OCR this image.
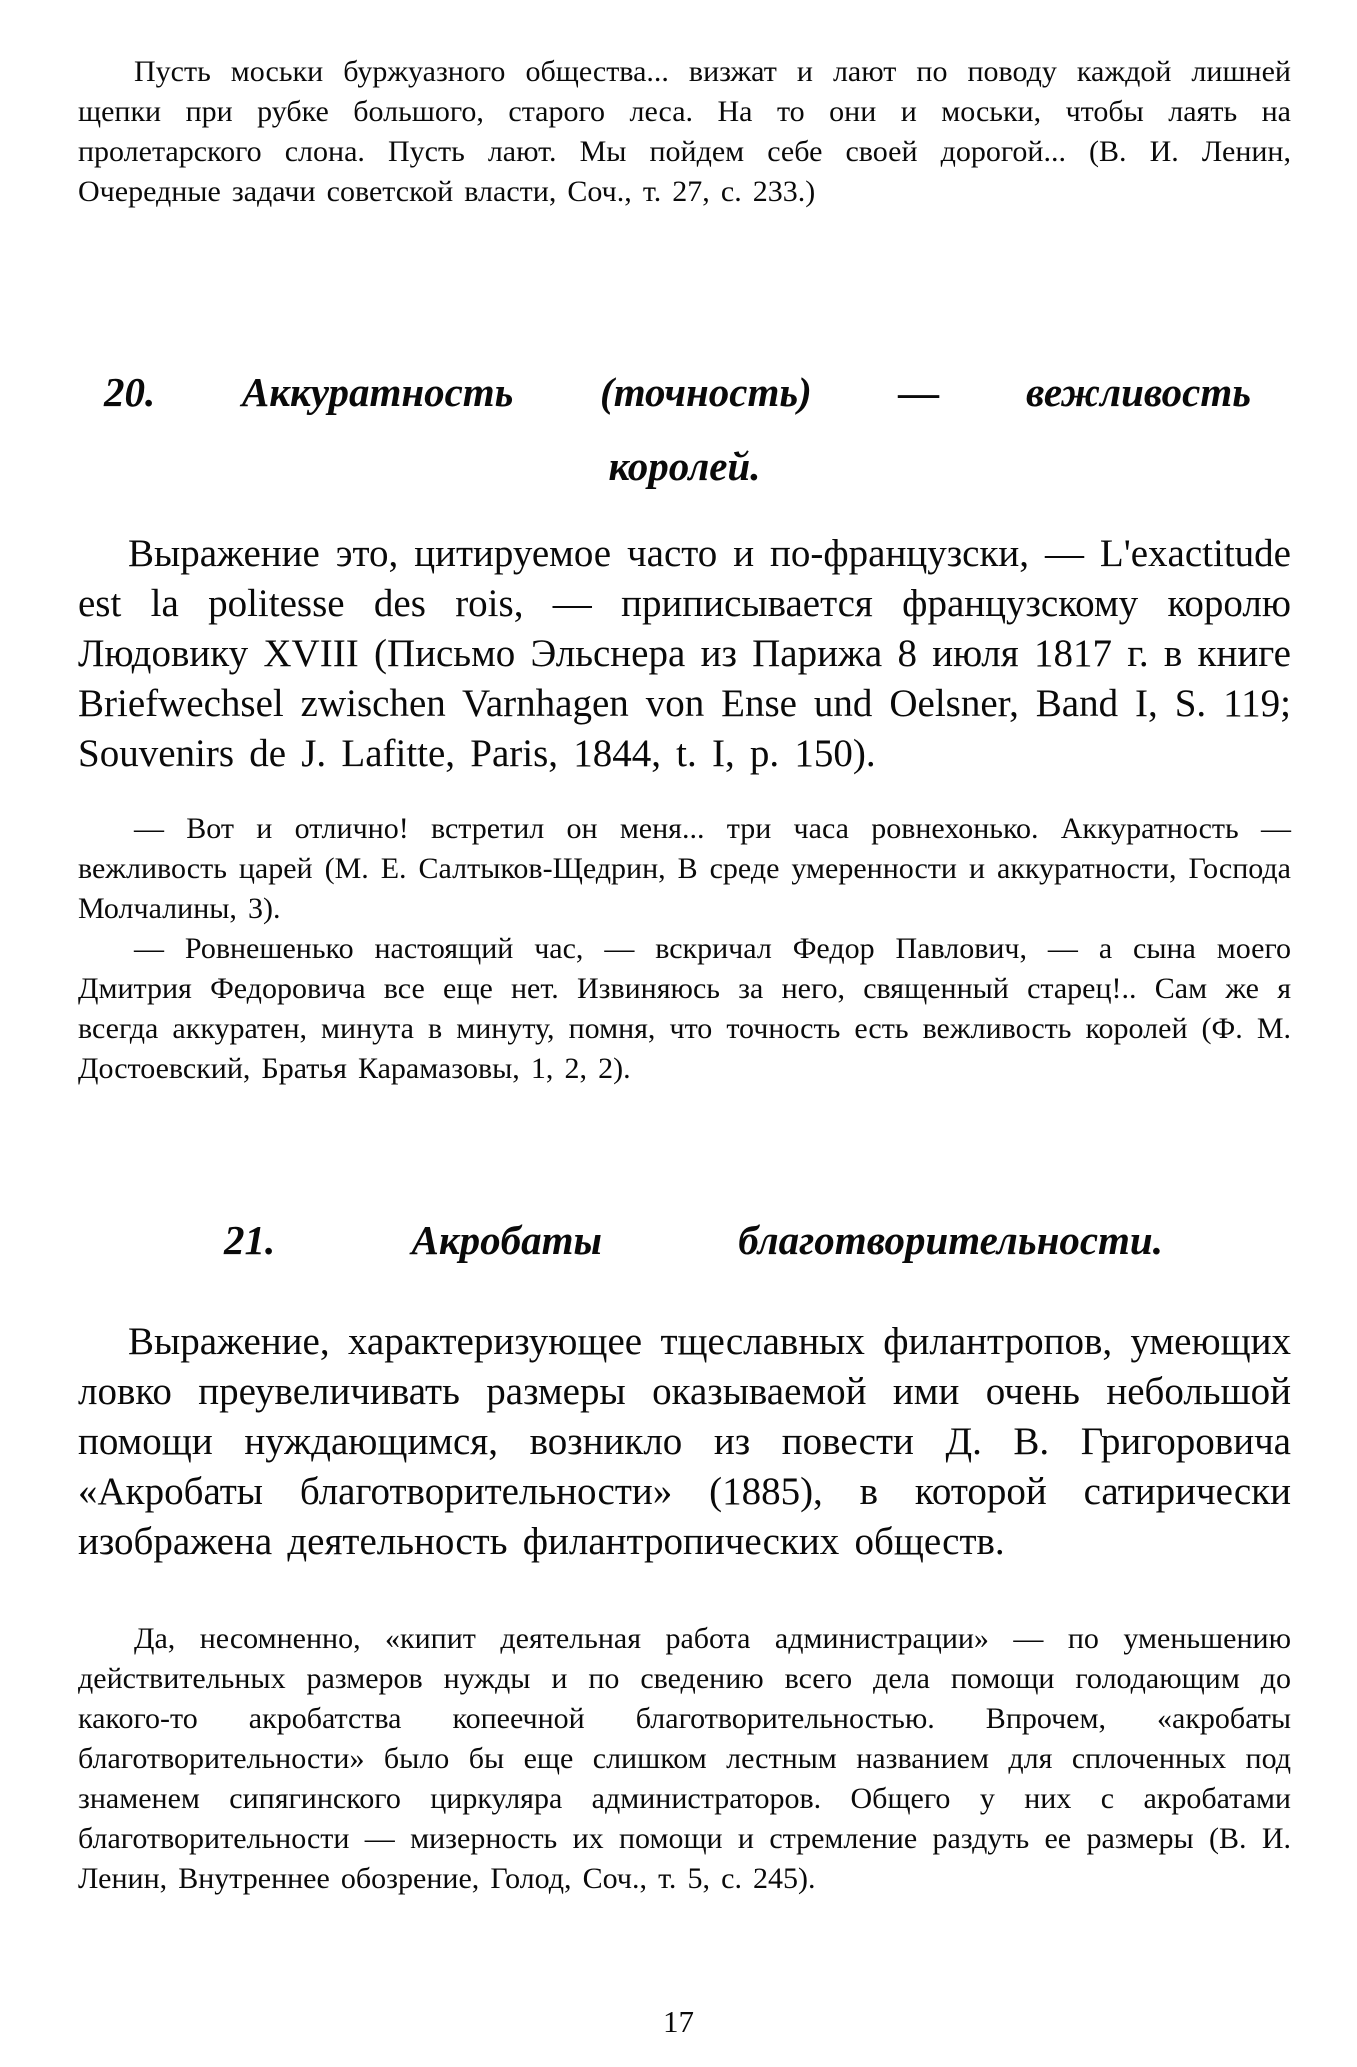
Пусть моськи буржуазного общества... визжат и лают по поводу каждой лишней щепки при рубке большого, старого леса. На то они и моськи, чтобы лаять на пролетарского слона. Пусть лают. Мы пойдем себе своей дорогой... (В. И. Ленин, Очередные задачи советской власти, Соч., т. 27, с. 233.)

20. Аккуратность (точность) — вежливость
королей.

Выражение это, цитируемое часто и по-французски, — L'exactitude est la politesse des rois, — приписывается французскому королю Людовику XVIII (Письмо Эльснера из Парижа 8 июля 1817 г. в книге Briefwechsel zwischen Varnhagen von Ense und Oelsner, Band I, S. 119; Souvenirs de J. Lafitte, Paris, 1844, t. I, p. 150).

— Вот и отлично! встретил он меня... три часа ровнехонько. Аккуратность — вежливость царей (М. Е. Салтыков-Щедрин, В среде умеренности и аккуратности, Господа Молчалины, 3).

— Ровнешенько настоящий час, — вскричал Федор Павлович, — а сына моего Дмитрия Федоровича все еще нет. Извиняюсь за него, священный старец!.. Сам же я всегда аккуратен, минута в минуту, помня, что точность есть вежливость королей (Ф. М. Достоевский, Братья Карамазовы, 1, 2, 2).

21.	Акробаты	благотворительности.

Выражение, характеризующее тщеславных филантропов, умеющих ловко преувеличивать размеры оказываемой ими очень небольшой помощи нуждающимся, возникло из повести Д. В. Григоровича «Акробаты благотворительности» (1885), в которой сатирически изображена деятельность филантропических обществ.

Да, несомненно, «кипит деятельная работа администрации» — по уменьшению действительных размеров нужды и по сведению всего дела помощи голодающим до какого-то акробатства копеечной благотворительностью. Впрочем, «акробаты благотворительности» было бы еще слишком лестным названием для сплоченных под знаменем сипягинского циркуляра администраторов. Общего у них с акробатами благотворительности — мизерность их помощи и стремление раздуть ее размеры (В. И. Ленин, Внутреннее обозрение, Голод, Соч., т. 5, с. 245).

17
